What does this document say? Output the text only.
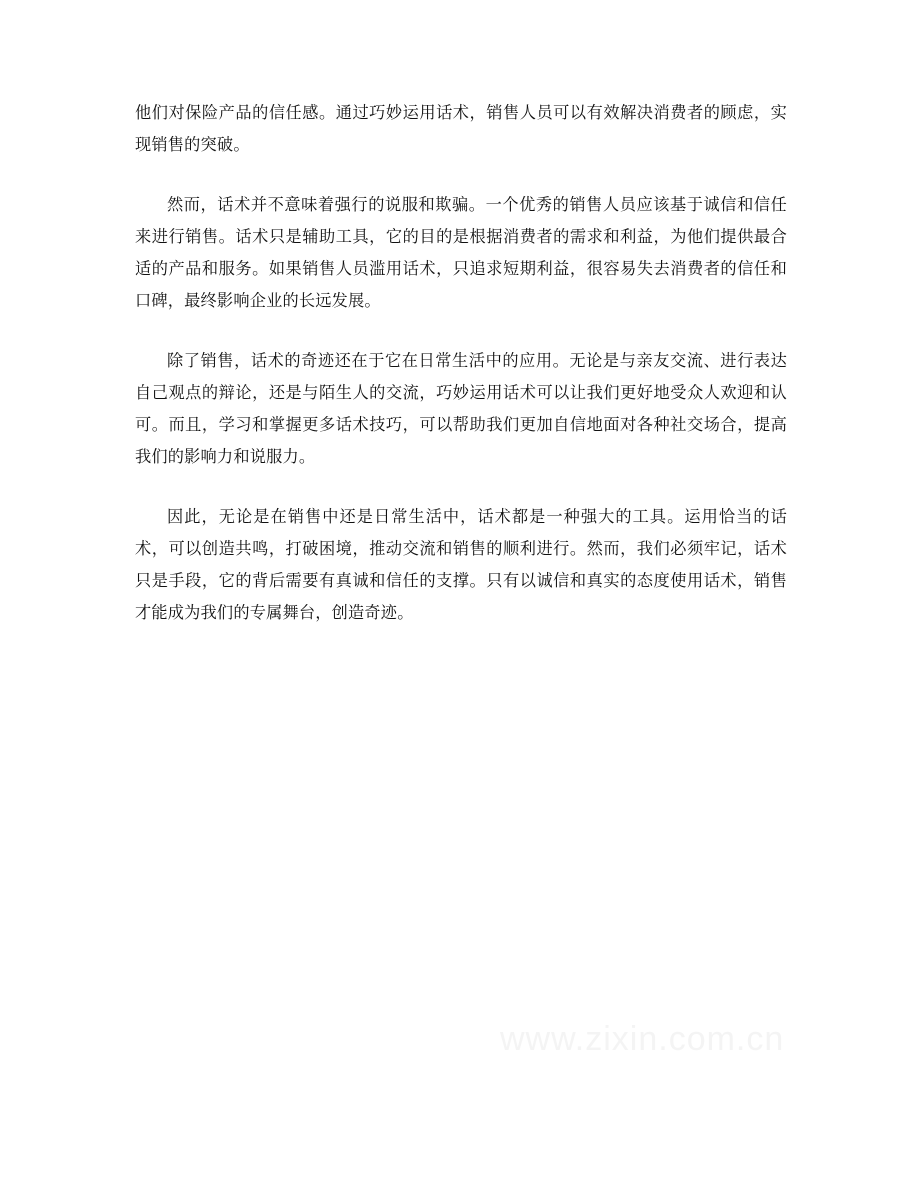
他们对保险产品的信任感。通过巧妙运用话术，销售人员可以有效解决消费者的顾虑，实现销售的突破。

然而，话术并不意味着强行的说服和欺骗。一个优秀的销售人员应该基于诚信和信任来进行销售。话术只是辅助工具，它的目的是根据消费者的需求和利益，为他们提供最合适的产品和服务。如果销售人员滥用话术，只追求短期利益，很容易失去消费者的信任和口碑，最终影响企业的长远发展。

除了销售，话术的奇迹还在于它在日常生活中的应用。无论是与亲友交流、进行表达自己观点的辩论，还是与陌生人的交流，巧妙运用话术可以让我们更好地受众人欢迎和认可。而且，学习和掌握更多话术技巧，可以帮助我们更加自信地面对各种社交场合，提高我们的影响力和说服力。

因此，无论是在销售中还是日常生活中，话术都是一种强大的工具。运用恰当的话术，可以创造共鸣，打破困境，推动交流和销售的顺利进行。然而，我们必须牢记，话术只是手段，它的背后需要有真诚和信任的支撑。只有以诚信和真实的态度使用话术，销售才能成为我们的专属舞台，创造奇迹。

www.zixin.com.cn
